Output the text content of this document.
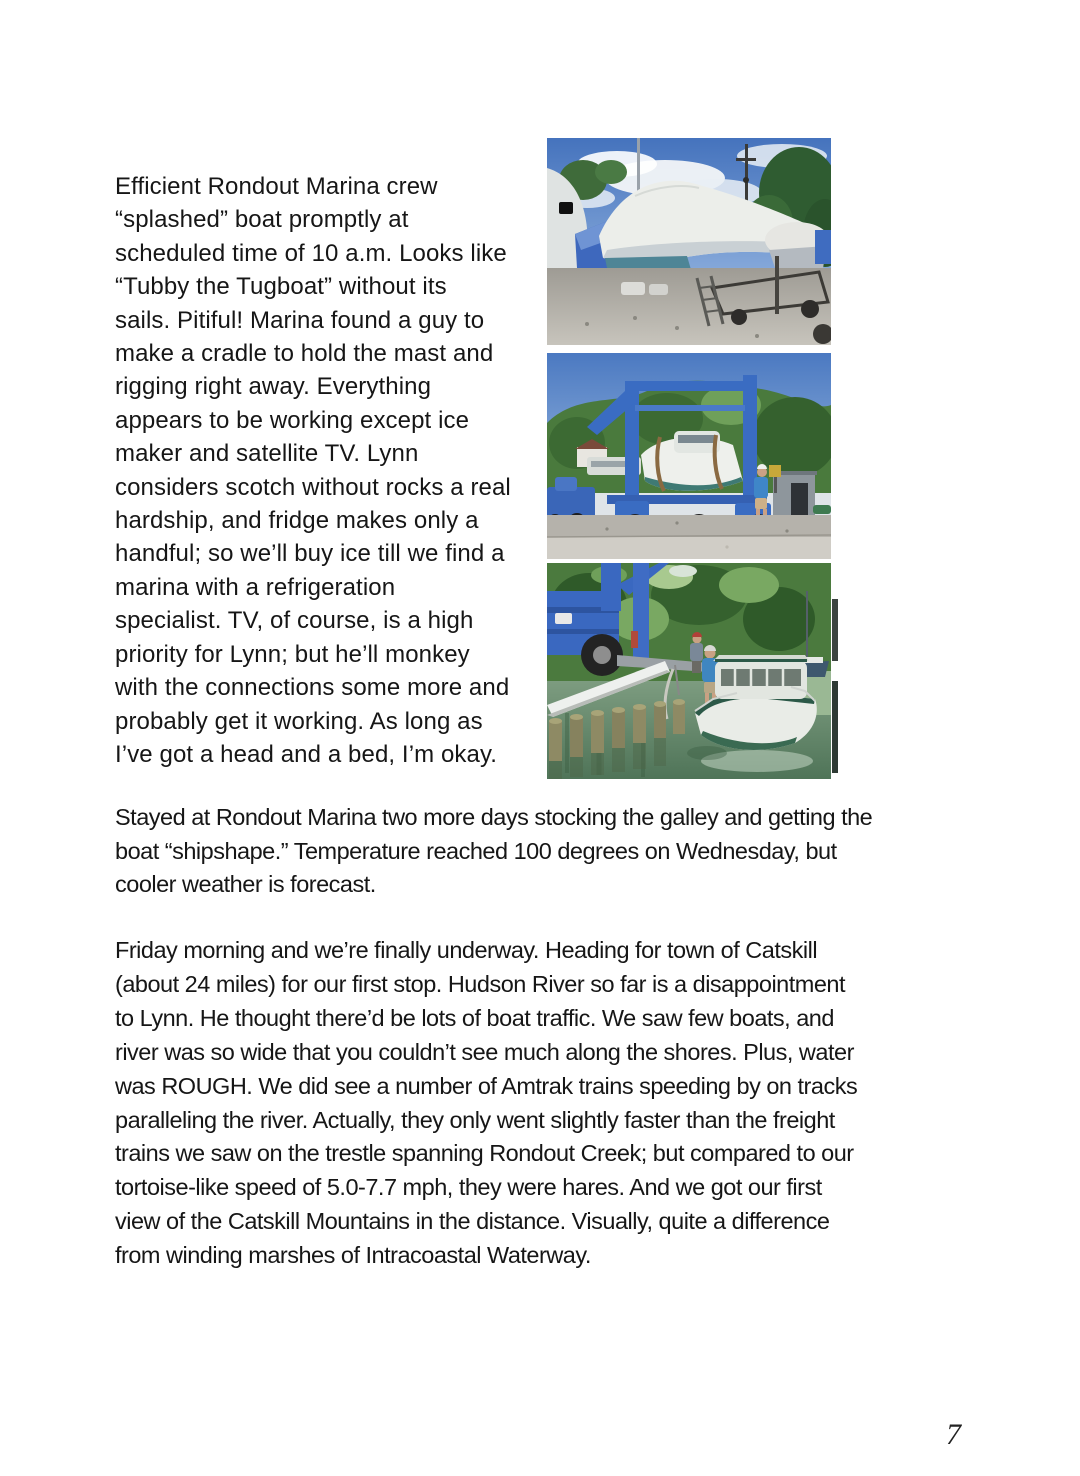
Efficient Rondout Marina crew
“splashed” boat promptly at
scheduled time of 10 a.m. Looks like
“Tubby the Tugboat” without its
sails. Pitiful! Marina found a guy to
make a cradle to hold the mast and
rigging right away. Everything
appears to be working except ice
maker and satellite TV. Lynn
considers scotch without rocks a real
hardship, and fridge makes only a
handful; so we’ll buy ice till we find a
marina with a refrigeration
specialist. TV, of course, is a high
priority for Lynn; but he’ll monkey
with the connections some more and
probably get it working. As long as
I’ve got a head and a bed, I’m okay.
Stayed at Rondout Marina two more days stocking the galley and getting the
boat “shipshape.” Temperature reached 100 degrees on Wednesday, but
cooler weather is forecast.
Friday morning and we’re finally underway. Heading for town of Catskill
(about 24 miles) for our first stop. Hudson River so far is a disappointment
to Lynn. He thought there’d be lots of boat traffic. We saw few boats, and
river was so wide that you couldn’t see much along the shores. Plus, water
was ROUGH. We did see a number of Amtrak trains speeding by on tracks
paralleling the river. Actually, they only went slightly faster than the freight
trains we saw on the trestle spanning Rondout Creek; but compared to our
tortoise-like speed of 5.0-7.7 mph, they were hares. And we got our first
view of the Catskill Mountains in the distance. Visually, quite a difference
from winding marshes of Intracoastal Waterway.
7
